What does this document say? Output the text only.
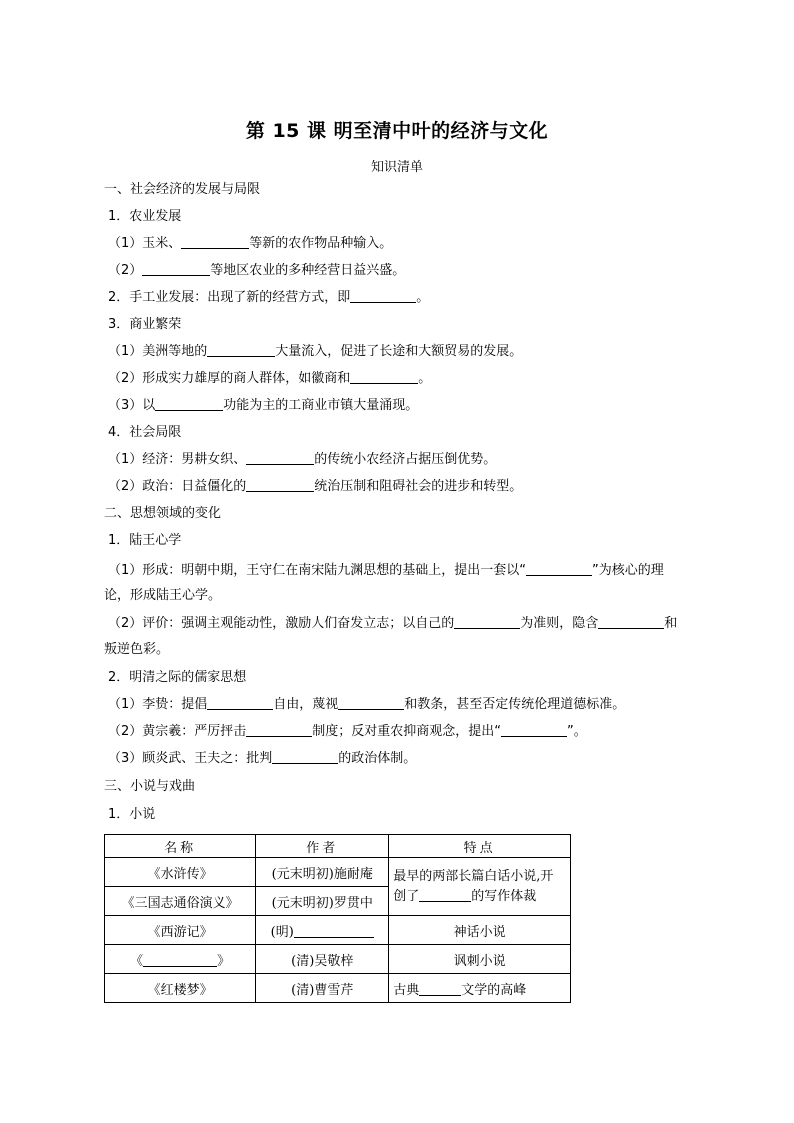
第 15 课 明至清中叶的经济与文化
知识清单
一、社会经济的发展与局限
1．农业发展
（1）玉米、	等新的农作物品种输入。
（2）	等地区农业的多种经营日益兴盛。
2．手工业发展：出现了新的经营方式，即	。
3．商业繁荣
（1）美洲等地的	大量流入，促进了长途和大额贸易的发展。
（2）形成实力雄厚的商人群体，如徽商和	。
（3）以	功能为主的工商业市镇大量涌现。
4．社会局限
（1）经济：男耕女织、	的传统小农经济占据压倒优势。
（2）政治：日益僵化的	统治压制和阻碍社会的进步和转型。
二、思想领域的变化
1．陆王心学
（1）形成：明朝中期，王守仁在南宋陆九渊思想的基础上，提出一套以“	”为核心的理
论，形成陆王心学。
（2）评价：强调主观能动性，激励人们奋发立志；以自己的	为准则，隐含	和
叛逆色彩。
2．明清之际的儒家思想
（1）李贽：提倡	自由，蔑视	和教条，甚至否定传统伦理道德标准。
（2）黄宗羲：严厉抨击	制度；反对重农抑商观念，提出“	”。
（3）顾炎武、王夫之：批判	的政治体制。
三、小说与戏曲
1．小说
名称	作者	特点
《水浒传》	(元末明初)施耐庵	最早的两部长篇白话小说,开创了 的写作体裁
《三国志通俗演义》	(元末明初)罗贯中	
《西游记》	(明)	神话小说
《 》	(清)吴敬梓	讽刺小说
《红楼梦》	(清)曹雪芹	古典 文学的高峰
